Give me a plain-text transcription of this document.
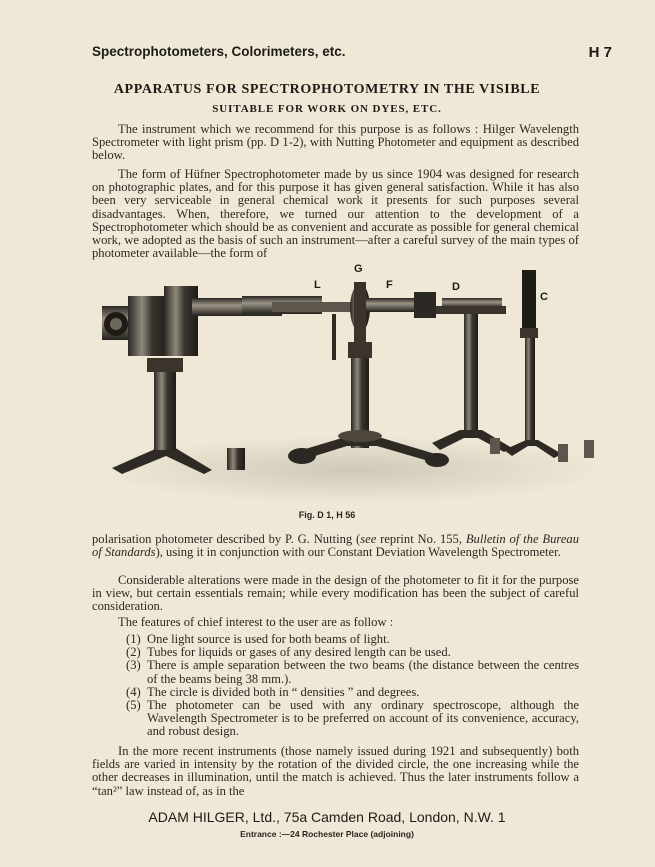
Spectrophotometers, Colorimeters, etc.	H 7
APPARATUS FOR SPECTROPHOTOMETRY IN THE VISIBLE
SUITABLE FOR WORK ON DYES, ETC.
The instrument which we recommend for this purpose is as follows : Hilger Wavelength Spectrometer with light prism (pp. D 1-2), with Nutting Photometer and equipment as described below.
The form of Hüfner Spectrophotometer made by us since 1904 was designed for research on photographic plates, and for this purpose it has given general satisfaction. While it has also been very serviceable in general chemical work it presents for such purposes several disadvantages. When, therefore, we turned our attention to the development of a Spectrophotometer which should be as convenient and accurate as possible for general chemical work, we adopted as the basis of such an instrument—after a careful survey of the main types of photometer available—the form of
G
L	F	D
C
Fig. D 1, H 56
polarisation photometer described by P. G. Nutting (see reprint No. 155, Bulletin of the Bureau of Standards), using it in conjunction with our Constant Deviation Wavelength Spectrometer.
Considerable alterations were made in the design of the photometer to fit it for the purpose in view, but certain essentials remain; while every modification has been the subject of careful consideration.
The features of chief interest to the user are as follow :
(1) One light source is used for both beams of light.
(2) Tubes for liquids or gases of any desired length can be used.
(3) There is ample separation between the two beams (the distance between the centres of the beams being 38 mm.).
(4) The circle is divided both in “ densities ” and degrees.
(5) The photometer can be used with any ordinary spectroscope, although the Wavelength Spectrometer is to be preferred on account of its convenience, accuracy, and robust design.
In the more recent instruments (those namely issued during 1921 and subsequently) both fields are varied in intensity by the rotation of the divided circle, the one increasing while the other decreases in illumination, until the match is achieved. Thus the later instruments follow a “tan²” law instead of, as in the
ADAM HILGER, Ltd., 75a Camden Road, London, N.W. 1
Entrance :—24 Rochester Place (adjoining)
